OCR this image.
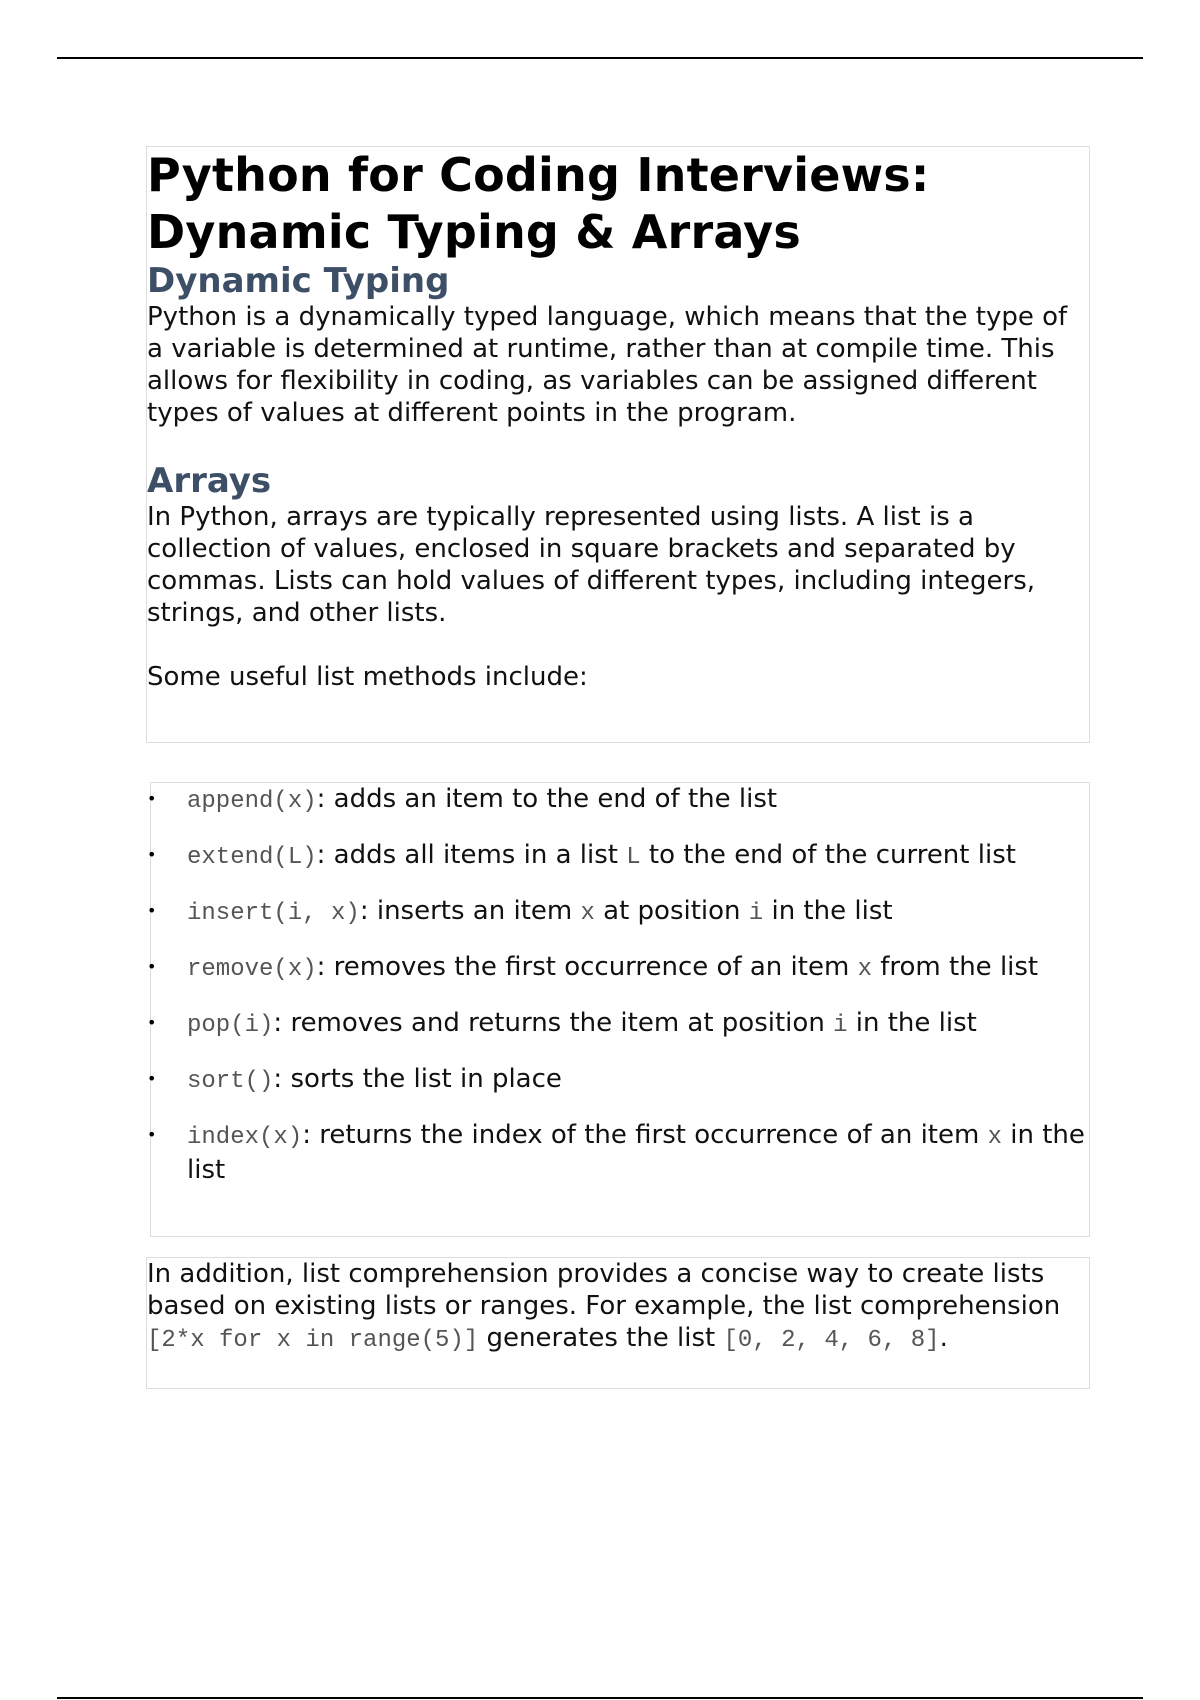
Python for Coding Interviews: Dynamic Typing & Arrays
Dynamic Typing

Python is a dynamically typed language, which means that the type of a variable is determined at runtime, rather than at compile time. This allows for flexibility in coding, as variables can be assigned different types of values at different points in the program.

Arrays

In Python, arrays are typically represented using lists. A list is a collection of values, enclosed in square brackets and separated by commas. Lists can hold values of different types, including integers, strings, and other lists.

Some useful list methods include:

• append(x): adds an item to the end of the list
• extend(L): adds all items in a list L to the end of the current list
• insert(i, x): inserts an item x at position i in the list
• remove(x): removes the first occurrence of an item x from the list
• pop(i): removes and returns the item at position i in the list
• sort(): sorts the list in place
• index(x): returns the index of the first occurrence of an item x in the list

In addition, list comprehension provides a concise way to create lists based on existing lists or ranges. For example, the list comprehension [2*x for x in range(5)] generates the list [0, 2, 4, 6, 8].
